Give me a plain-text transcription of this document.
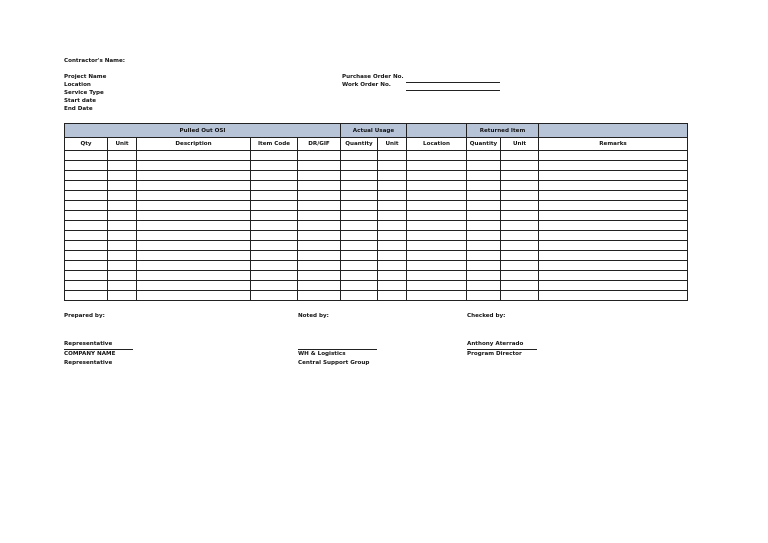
Contractor's Name:
Project Name
Location
Service Type
Start date
End Date
Purchase Order No.
Work Order No.
Pulled Out OSI					Actual Usage			Returned Item		
Qty	Unit	Description	Item Code	DR/GIF	Quantity	Unit	Location	Quantity	Unit	Remarks

Prepared by:	Noted by:	Checked by:
Representative
COMPANY NAME
Representative
WH & Logistics
Central Support Group
Anthony Aterrado
Program Director
